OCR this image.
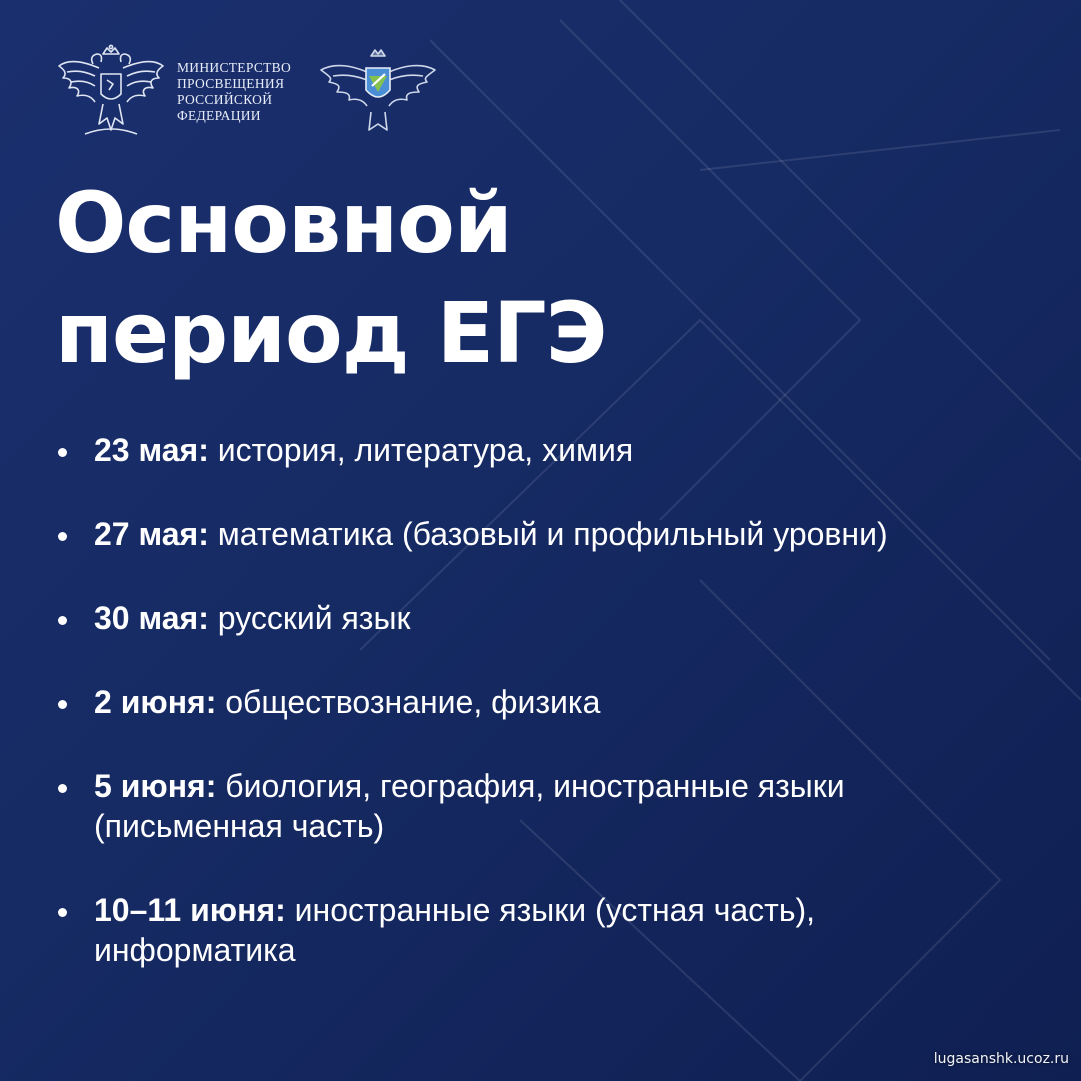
МИНИСТЕРСТВО
ПРОСВЕЩЕНИЯ
РОССИЙСКОЙ
ФЕДЕРАЦИИ
Основной
период ЕГЭ
23 мая: история, литература, химия
27 мая: математика (базовый и профильный уровни)
30 мая: русский язык
2 июня: обществознание, физика
5 июня: биология, география, иностранные языки (письменная часть)
10–11 июня: иностранные языки (устная часть), информатика
lugasanshk.ucoz.ru
